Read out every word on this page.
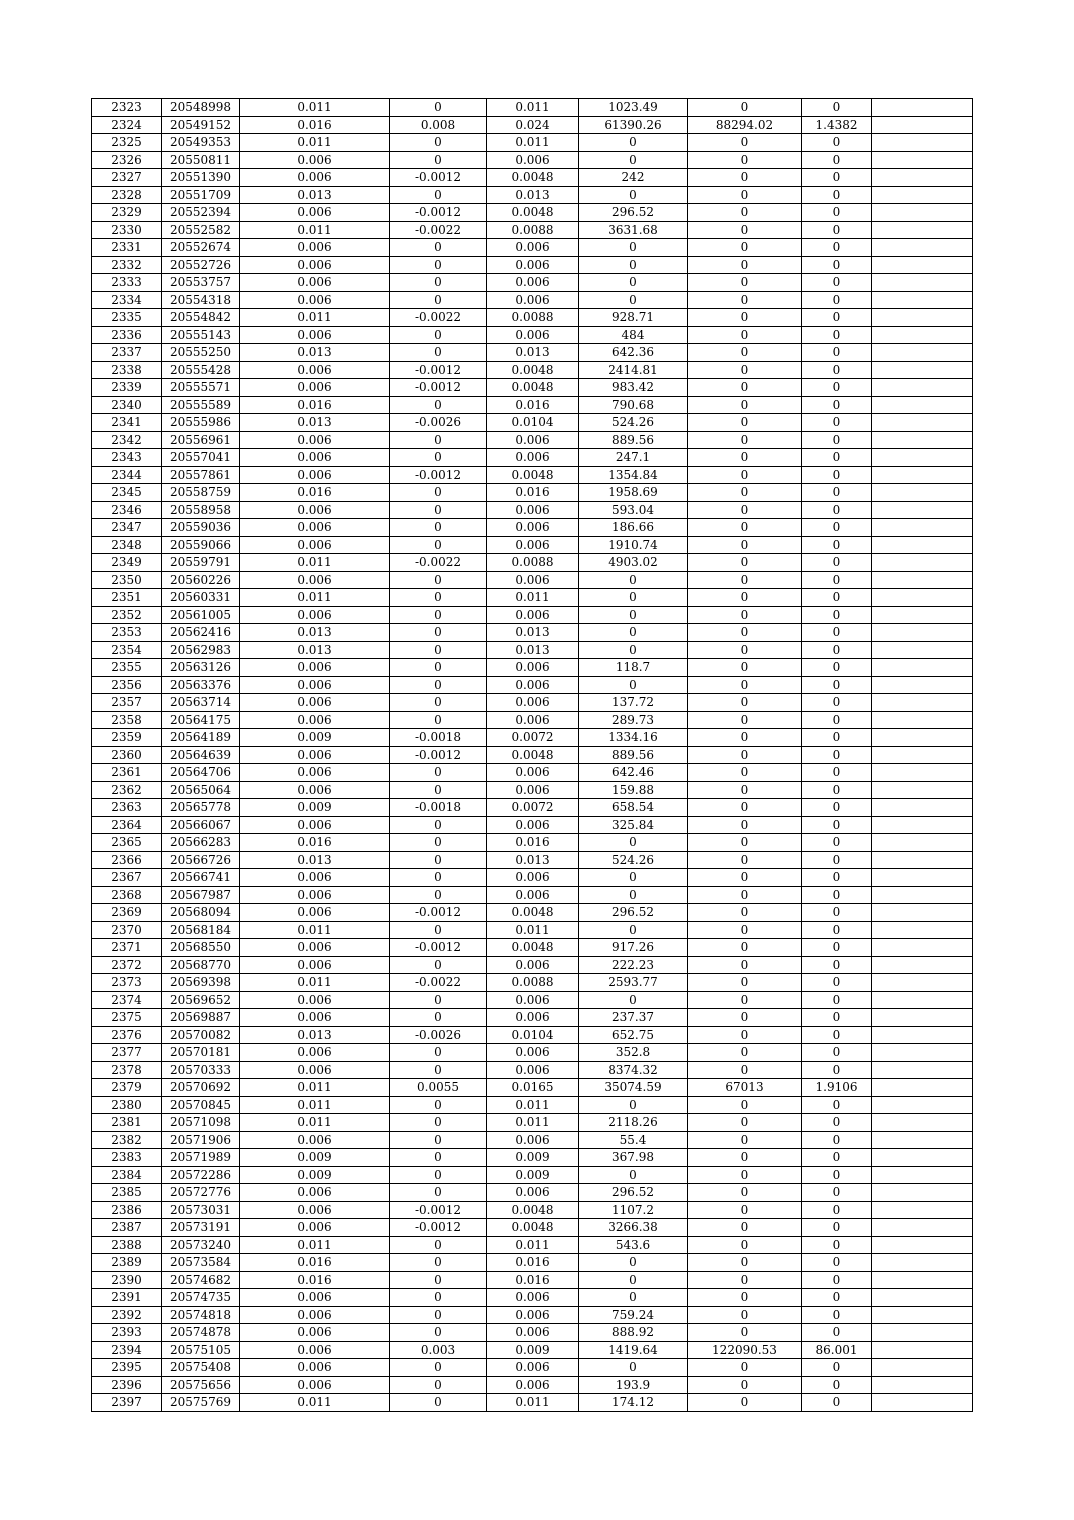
2323	20548998	0.011	0	0.011	1023.49	0	0	
2324	20549152	0.016	0.008	0.024	61390.26	88294.02	1.4382	
2325	20549353	0.011	0	0.011	0	0	0	
2326	20550811	0.006	0	0.006	0	0	0	
2327	20551390	0.006	-0.0012	0.0048	242	0	0	
2328	20551709	0.013	0	0.013	0	0	0	
2329	20552394	0.006	-0.0012	0.0048	296.52	0	0	
2330	20552582	0.011	-0.0022	0.0088	3631.68	0	0	
2331	20552674	0.006	0	0.006	0	0	0	
2332	20552726	0.006	0	0.006	0	0	0	
2333	20553757	0.006	0	0.006	0	0	0	
2334	20554318	0.006	0	0.006	0	0	0	
2335	20554842	0.011	-0.0022	0.0088	928.71	0	0	
2336	20555143	0.006	0	0.006	484	0	0	
2337	20555250	0.013	0	0.013	642.36	0	0	
2338	20555428	0.006	-0.0012	0.0048	2414.81	0	0	
2339	20555571	0.006	-0.0012	0.0048	983.42	0	0	
2340	20555589	0.016	0	0.016	790.68	0	0	
2341	20555986	0.013	-0.0026	0.0104	524.26	0	0	
2342	20556961	0.006	0	0.006	889.56	0	0	
2343	20557041	0.006	0	0.006	247.1	0	0	
2344	20557861	0.006	-0.0012	0.0048	1354.84	0	0	
2345	20558759	0.016	0	0.016	1958.69	0	0	
2346	20558958	0.006	0	0.006	593.04	0	0	
2347	20559036	0.006	0	0.006	186.66	0	0	
2348	20559066	0.006	0	0.006	1910.74	0	0	
2349	20559791	0.011	-0.0022	0.0088	4903.02	0	0	
2350	20560226	0.006	0	0.006	0	0	0	
2351	20560331	0.011	0	0.011	0	0	0	
2352	20561005	0.006	0	0.006	0	0	0	
2353	20562416	0.013	0	0.013	0	0	0	
2354	20562983	0.013	0	0.013	0	0	0	
2355	20563126	0.006	0	0.006	118.7	0	0	
2356	20563376	0.006	0	0.006	0	0	0	
2357	20563714	0.006	0	0.006	137.72	0	0	
2358	20564175	0.006	0	0.006	289.73	0	0	
2359	20564189	0.009	-0.0018	0.0072	1334.16	0	0	
2360	20564639	0.006	-0.0012	0.0048	889.56	0	0	
2361	20564706	0.006	0	0.006	642.46	0	0	
2362	20565064	0.006	0	0.006	159.88	0	0	
2363	20565778	0.009	-0.0018	0.0072	658.54	0	0	
2364	20566067	0.006	0	0.006	325.84	0	0	
2365	20566283	0.016	0	0.016	0	0	0	
2366	20566726	0.013	0	0.013	524.26	0	0	
2367	20566741	0.006	0	0.006	0	0	0	
2368	20567987	0.006	0	0.006	0	0	0	
2369	20568094	0.006	-0.0012	0.0048	296.52	0	0	
2370	20568184	0.011	0	0.011	0	0	0	
2371	20568550	0.006	-0.0012	0.0048	917.26	0	0	
2372	20568770	0.006	0	0.006	222.23	0	0	
2373	20569398	0.011	-0.0022	0.0088	2593.77	0	0	
2374	20569652	0.006	0	0.006	0	0	0	
2375	20569887	0.006	0	0.006	237.37	0	0	
2376	20570082	0.013	-0.0026	0.0104	652.75	0	0	
2377	20570181	0.006	0	0.006	352.8	0	0	
2378	20570333	0.006	0	0.006	8374.32	0	0	
2379	20570692	0.011	0.0055	0.0165	35074.59	67013	1.9106	
2380	20570845	0.011	0	0.011	0	0	0	
2381	20571098	0.011	0	0.011	2118.26	0	0	
2382	20571906	0.006	0	0.006	55.4	0	0	
2383	20571989	0.009	0	0.009	367.98	0	0	
2384	20572286	0.009	0	0.009	0	0	0	
2385	20572776	0.006	0	0.006	296.52	0	0	
2386	20573031	0.006	-0.0012	0.0048	1107.2	0	0	
2387	20573191	0.006	-0.0012	0.0048	3266.38	0	0	
2388	20573240	0.011	0	0.011	543.6	0	0	
2389	20573584	0.016	0	0.016	0	0	0	
2390	20574682	0.016	0	0.016	0	0	0	
2391	20574735	0.006	0	0.006	0	0	0	
2392	20574818	0.006	0	0.006	759.24	0	0	
2393	20574878	0.006	0	0.006	888.92	0	0	
2394	20575105	0.006	0.003	0.009	1419.64	122090.53	86.001	
2395	20575408	0.006	0	0.006	0	0	0	
2396	20575656	0.006	0	0.006	193.9	0	0	
2397	20575769	0.011	0	0.011	174.12	0	0	
